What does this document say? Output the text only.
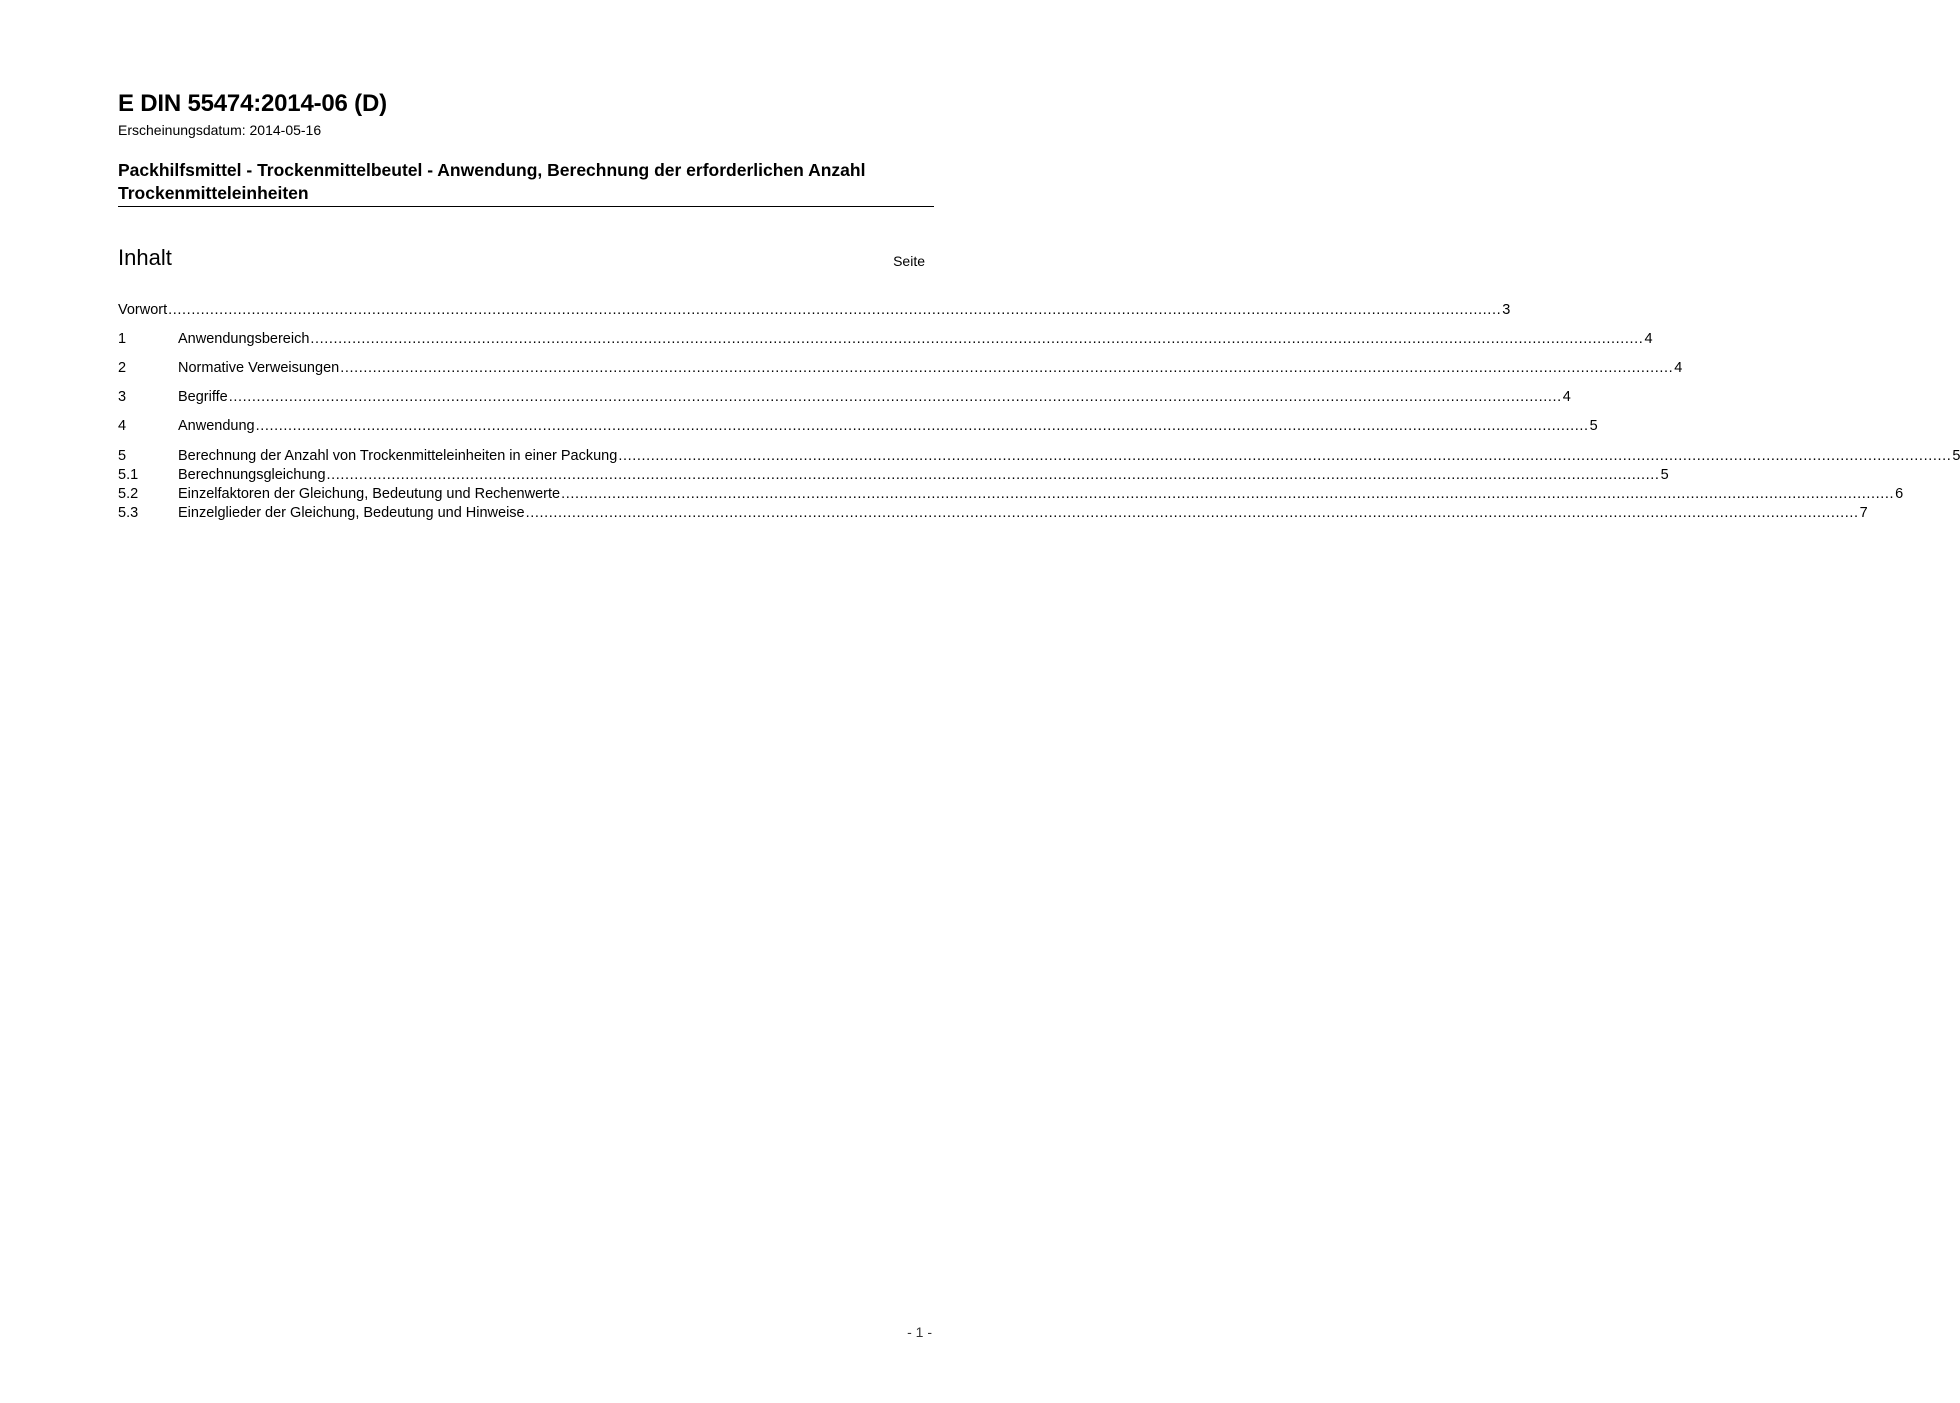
E DIN 55474:2014-06 (D)
Erscheinungsdatum: 2014-05-16
Packhilfsmittel - Trockenmittelbeutel - Anwendung, Berechnung der erforderlichen Anzahl Trockenmitteleinheiten
Inhalt	Seite
Vorwort .....	3
1	Anwendungsbereich .....	4
2	Normative Verweisungen .....	4
3	Begriffe .....	4
4	Anwendung .....	5
5	Berechnung der Anzahl von Trockenmitteleinheiten in einer Packung .....	5
5.1	Berechnungsgleichung .....	5
5.2	Einzelfaktoren der Gleichung, Bedeutung und Rechenwerte .....	6
5.3	Einzelglieder der Gleichung, Bedeutung und Hinweise .....	7
- 1 -
